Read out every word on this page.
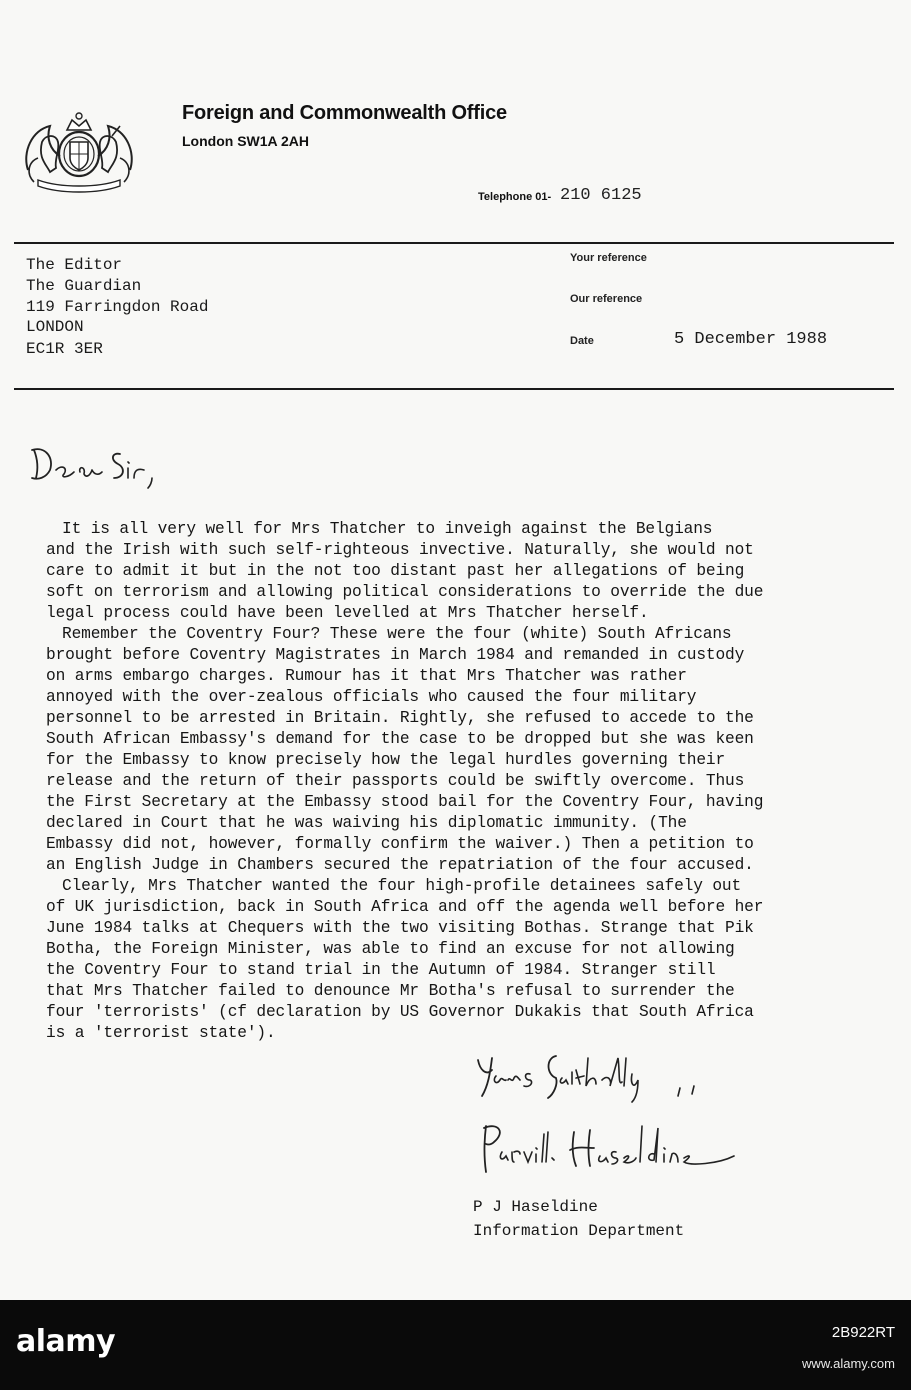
Foreign and Commonwealth Office
London SW1A 2AH
Telephone 01- 210 6125
The Editor
The Guardian
119 Farringdon Road
LONDON
EC1R 3ER
Your reference
Our reference
Date	5 December 1988
It is all very well for Mrs Thatcher to inveigh against the Belgians
and the Irish with such self-righteous invective. Naturally, she would not
care to admit it but in the not too distant past her allegations of being
soft on terrorism and allowing political considerations to override the due
legal process could have been levelled at Mrs Thatcher herself.
Remember the Coventry Four? These were the four (white) South Africans
brought before Coventry Magistrates in March 1984 and remanded in custody
on arms embargo charges. Rumour has it that Mrs Thatcher was rather
annoyed with the over-zealous officials who caused the four military
personnel to be arrested in Britain. Rightly, she refused to accede to the
South African Embassy's demand for the case to be dropped but she was keen
for the Embassy to know precisely how the legal hurdles governing their
release and the return of their passports could be swiftly overcome. Thus
the First Secretary at the Embassy stood bail for the Coventry Four, having
declared in Court that he was waiving his diplomatic immunity. (The
Embassy did not, however, formally confirm the waiver.) Then a petition to
an English Judge in Chambers secured the repatriation of the four accused.
Clearly, Mrs Thatcher wanted the four high-profile detainees safely out
of UK jurisdiction, back in South Africa and off the agenda well before her
June 1984 talks at Chequers with the two visiting Bothas. Strange that Pik
Botha, the Foreign Minister, was able to find an excuse for not allowing
the Coventry Four to stand trial in the Autumn of 1984. Stranger still
that Mrs Thatcher failed to denounce Mr Botha's refusal to surrender the
four 'terrorists' (cf declaration by US Governor Dukakis that South Africa
is a 'terrorist state').
P J Haseldine
Information Department
alamy	2B922RT
www.alamy.com
